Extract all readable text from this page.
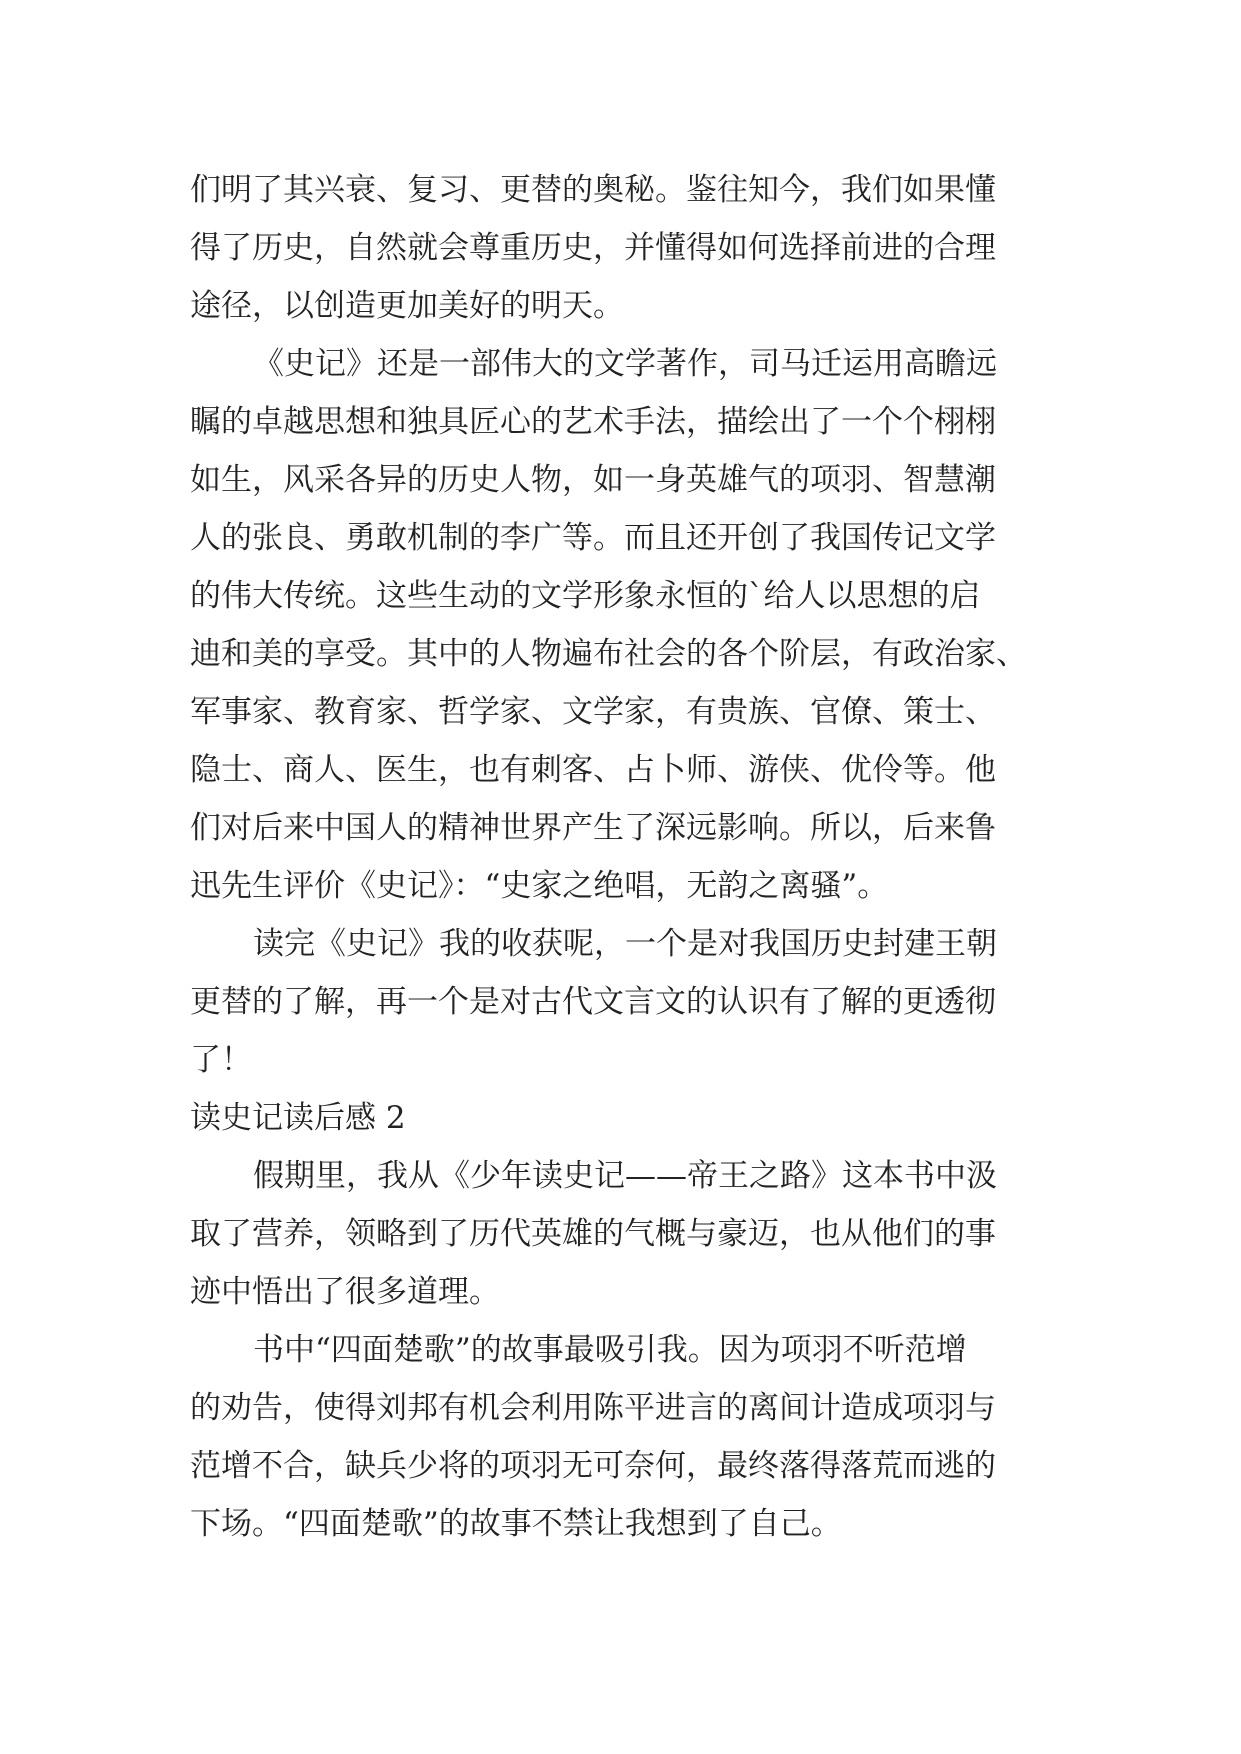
们明了其兴衰、复习、更替的奥秘。鉴往知今，我们如果懂
得了历史，自然就会尊重历史，并懂得如何选择前进的合理
途径，以创造更加美好的明天。
《史记》还是一部伟大的文学著作，司马迁运用高瞻远
瞩的卓越思想和独具匠心的艺术手法，描绘出了一个个栩栩
如生，风采各异的历史人物，如一身英雄气的项羽、智慧潮
人的张良、勇敢机制的李广等。而且还开创了我国传记文学
的伟大传统。这些生动的文学形象永恒的`给人以思想的启
迪和美的享受。其中的人物遍布社会的各个阶层，有政治家、
军事家、教育家、哲学家、文学家，有贵族、官僚、策士、
隐士、商人、医生，也有刺客、占卜师、游侠、优伶等。他
们对后来中国人的精神世界产生了深远影响。所以，后来鲁
迅先生评价《史记》：“史家之绝唱，无韵之离骚”。
读完《史记》我的收获呢，一个是对我国历史封建王朝
更替的了解，再一个是对古代文言文的认识有了解的更透彻
了！
读史记读后感 2
假期里，我从《少年读史记——帝王之路》这本书中汲
取了营养，领略到了历代英雄的气概与豪迈，也从他们的事
迹中悟出了很多道理。
书中“四面楚歌”的故事最吸引我。因为项羽不听范增
的劝告，使得刘邦有机会利用陈平进言的离间计造成项羽与
范增不合，缺兵少将的项羽无可奈何，最终落得落荒而逃的
下场。“四面楚歌”的故事不禁让我想到了自己。
